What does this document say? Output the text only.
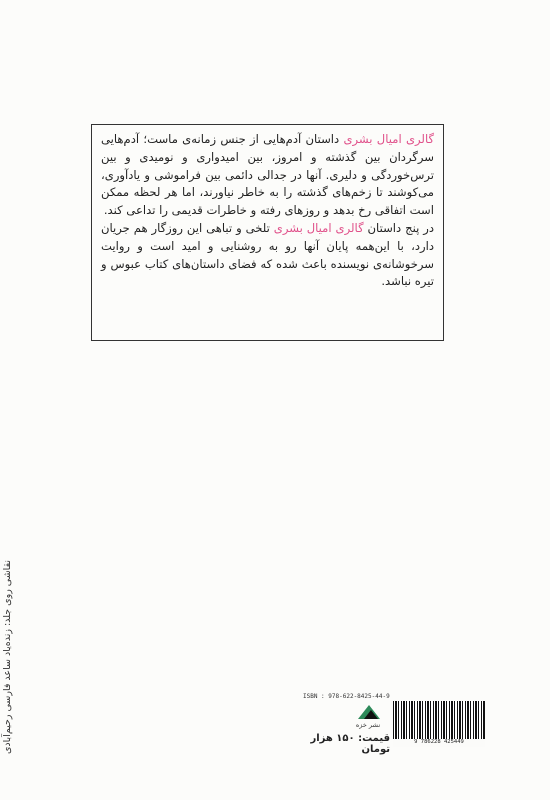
گالری امیال بشری داستان آدم‌هایی از جنس زمانه‌ی ماست؛ آدم‌هایی سرگردان بین گذشته و امروز، بین امیدواری و نومیدی و بین ترس‌خوردگی و دلیری. آنها در جدالی دائمی بین فراموشی و یادآوری، می‌کوشند تا زخم‌های گذشته را به خاطر نیاورند، اما هر لحظه ممکن است اتفاقی رخ بدهد و روزهای رفته و خاطرات قدیمی را تداعی کند.

در پنج داستان گالری امیال بشری تلخی و تباهی این روزگار هم جریان دارد، با این‌همه پایان آنها رو به روشنایی و امید است و روایت سرخوشانه‌ی نویسنده باعث شده که فضای داستان‌های کتاب عبوس و تیره نباشد.

نقاشی روی جلد: زنده‌یاد ساعد فارسی رحیم‌آبادی	ISBN : 978-622-8425-44-9
9 786228 425449
نشر خزه
قیمت: ۱۵۰ هزار تومان
